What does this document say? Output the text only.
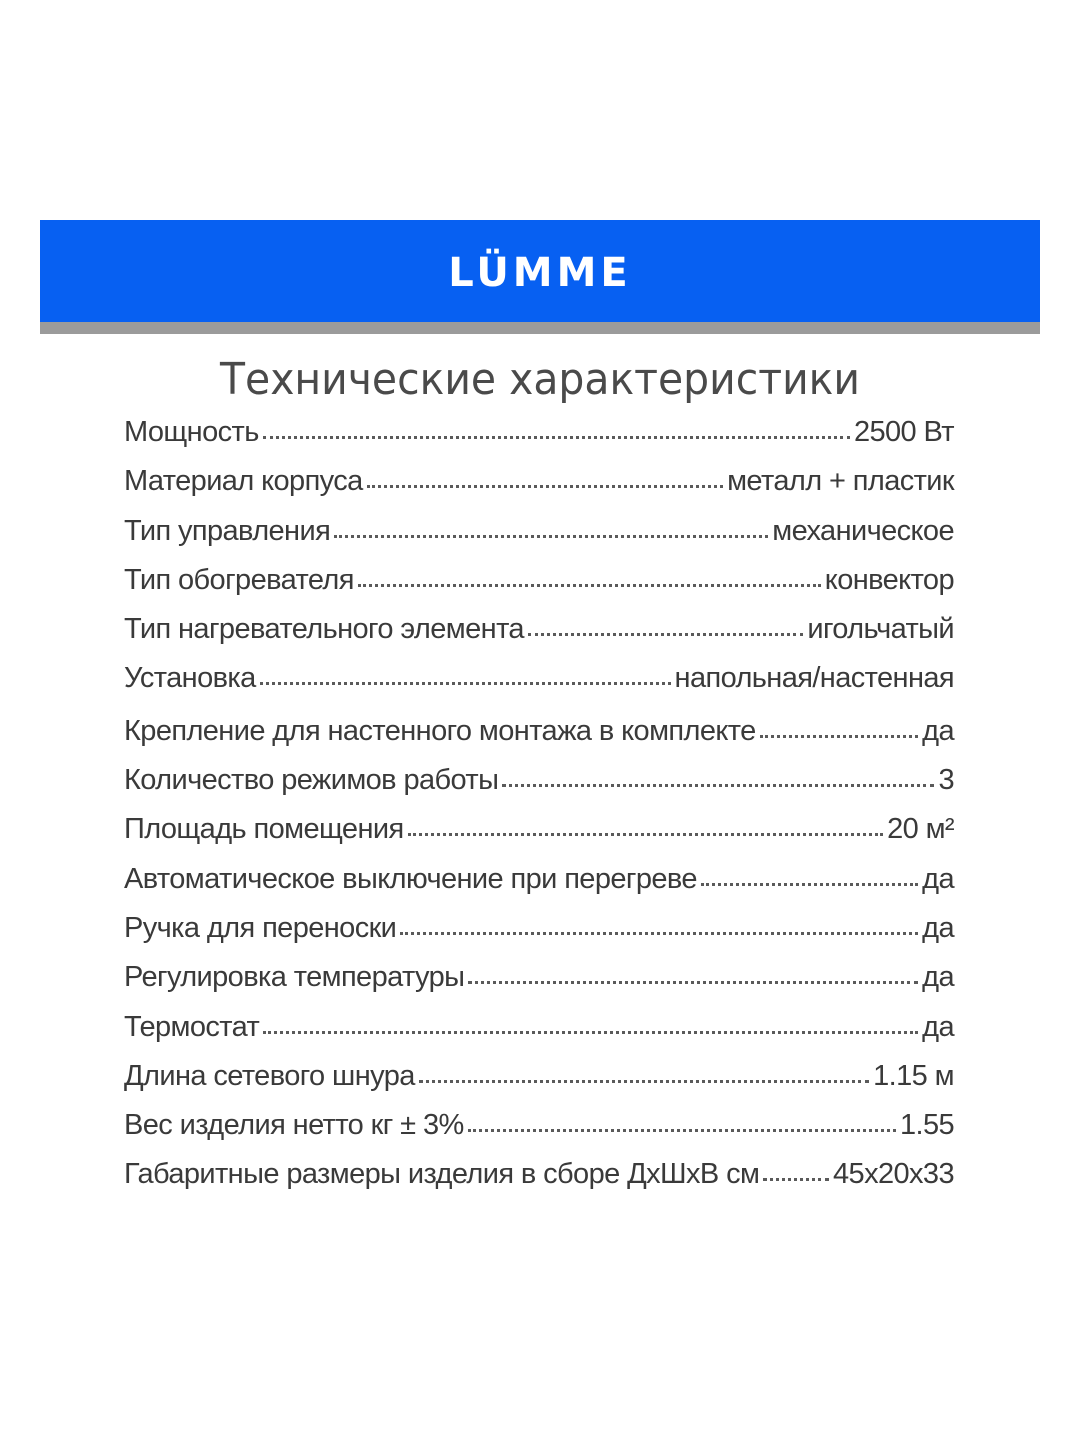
LÜMME
Технические характеристики
Мощность	2500 Вт
Материал корпуса	металл + пластик
Тип управления	механическое
Тип обогревателя	конвектор
Тип нагревательного элемента	игольчатый
Установка	напольная/настенная
Крепление для настенного монтажа в комплекте	да
Количество режимов работы	3
Площадь помещения	20 м²
Автоматическое выключение при перегреве	да
Ручка для переноски	да
Регулировка температуры	да
Термостат	да
Длина сетевого шнура	1.15 м
Вес изделия нетто кг ± 3%	1.55
Габаритные размеры изделия в сборе ДхШхВ см	45х20х33
